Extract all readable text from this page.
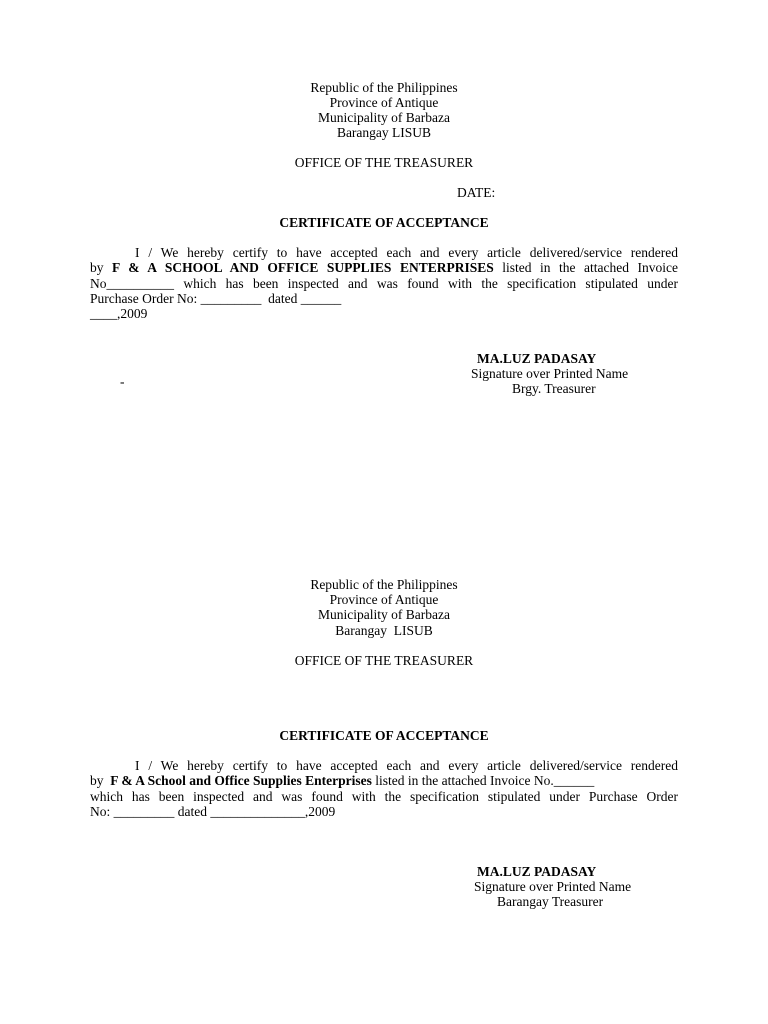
Republic of the Philippines
Province of Antique
Municipality of Barbaza
Barangay LISUB
OFFICE OF THE TREASURER
DATE:
CERTIFICATE OF ACCEPTANCE
I / We hereby certify to have accepted each and every article delivered/service rendered
by F & A SCHOOL AND OFFICE SUPPLIES ENTERPRISES listed in the attached Invoice
No__________ which has been inspected and was found with the specification stipulated under
Purchase Order No: _________  dated ______
____,2009
MA.LUZ PADASAY
Signature over Printed Name
-	Brgy. Treasurer
Republic of the Philippines
Province of Antique
Municipality of Barbaza
Barangay  LISUB
OFFICE OF THE TREASURER
CERTIFICATE OF ACCEPTANCE
I / We hereby certify to have accepted each and every article delivered/service rendered
by F & A School and Office Supplies Enterprises listed in the attached Invoice No.______
which has been inspected and was found with the specification stipulated under Purchase Order
No: _________ dated ______________,2009
MA.LUZ PADASAY
Signature over Printed Name
Barangay Treasurer
